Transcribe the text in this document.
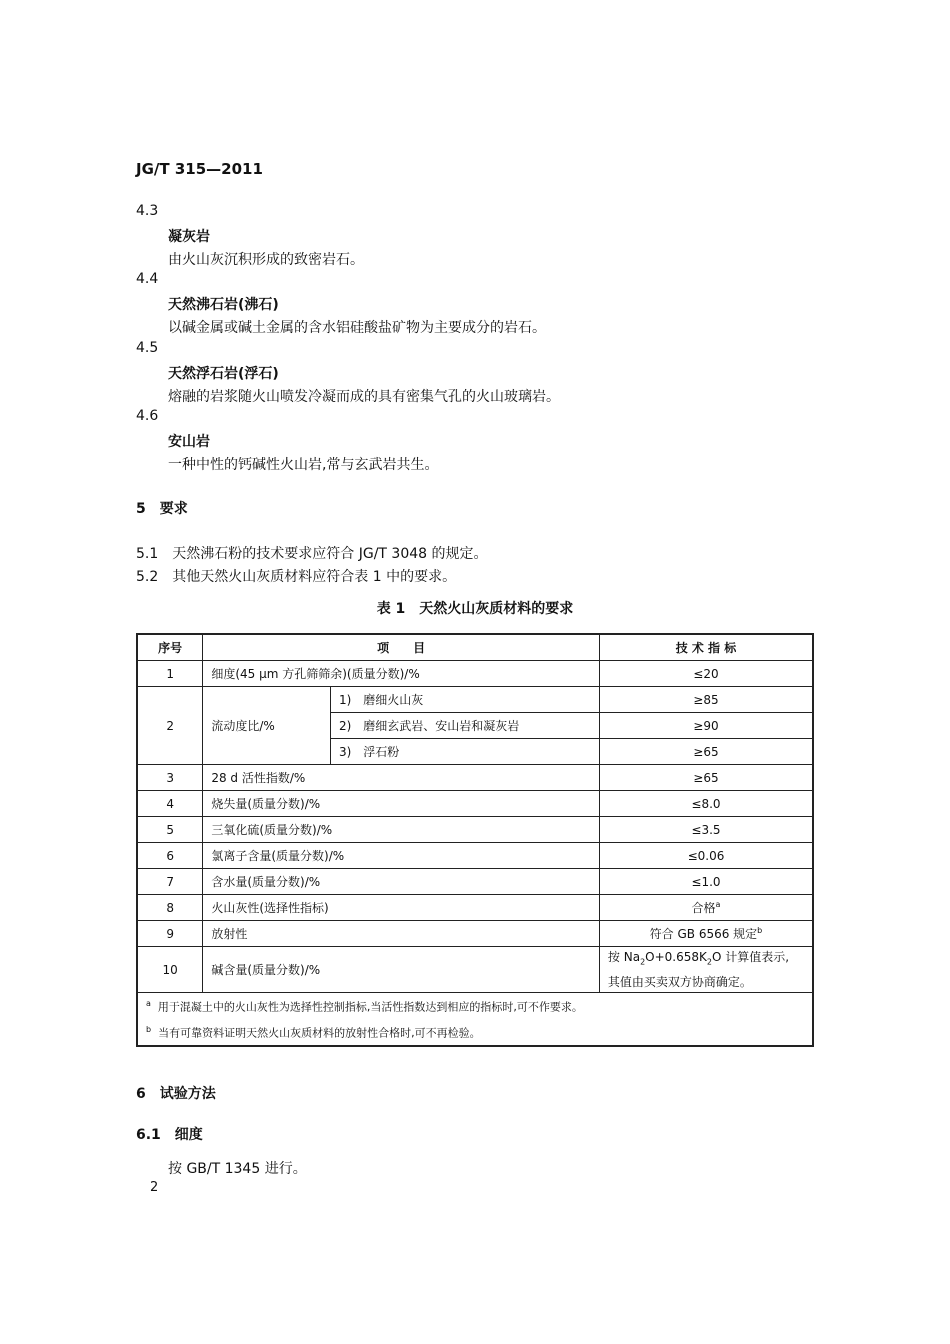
JG/T 315—2011
4.3
凝灰岩
由火山灰沉积形成的致密岩石。
4.4
天然沸石岩(沸石)
以碱金属或碱土金属的含水铝硅酸盐矿物为主要成分的岩石。
4.5
天然浮石岩(浮石)
熔融的岩浆随火山喷发冷凝而成的具有密集气孔的火山玻璃岩。
4.6
安山岩
一种中性的钙碱性火山岩,常与玄武岩共生。
5　要求
5.1　天然沸石粉的技术要求应符合 JG/T 3048 的规定。
5.2　其他天然火山灰质材料应符合表 1 中的要求。
表 1　天然火山灰质材料的要求
序号	项　　目		技 术 指 标
1	细度(45 μm 方孔筛筛余)(质量分数)/%		≤20
2	流动度比/%	1)　磨细火山灰	≥85
		2)　磨细玄武岩、安山岩和凝灰岩	≥90
		3)　浮石粉	≥65
3	28 d 活性指数/%		≥65
4	烧失量(质量分数)/%		≤8.0
5	三氧化硫(质量分数)/%		≤3.5
6	氯离子含量(质量分数)/%		≤0.06
7	含水量(质量分数)/%		≤1.0
8	火山灰性(选择性指标)		合格$^a$
9	放射性		符合 GB 6566 规定$^b$
10	碱含量(质量分数)/%		按 $Na_2O+0.658K_2O$ 计算值表示,
其值由买卖双方协商确定。

$^a$ 用于混凝土中的火山灰性为选择性控制指标,当活性指数达到相应的指标时,可不作要求。
$^b$ 当有可靠资料证明天然火山灰质材料的放射性合格时,可不再检验。			
6　试验方法
6.1　细度
按 GB/T 1345 进行。
2
